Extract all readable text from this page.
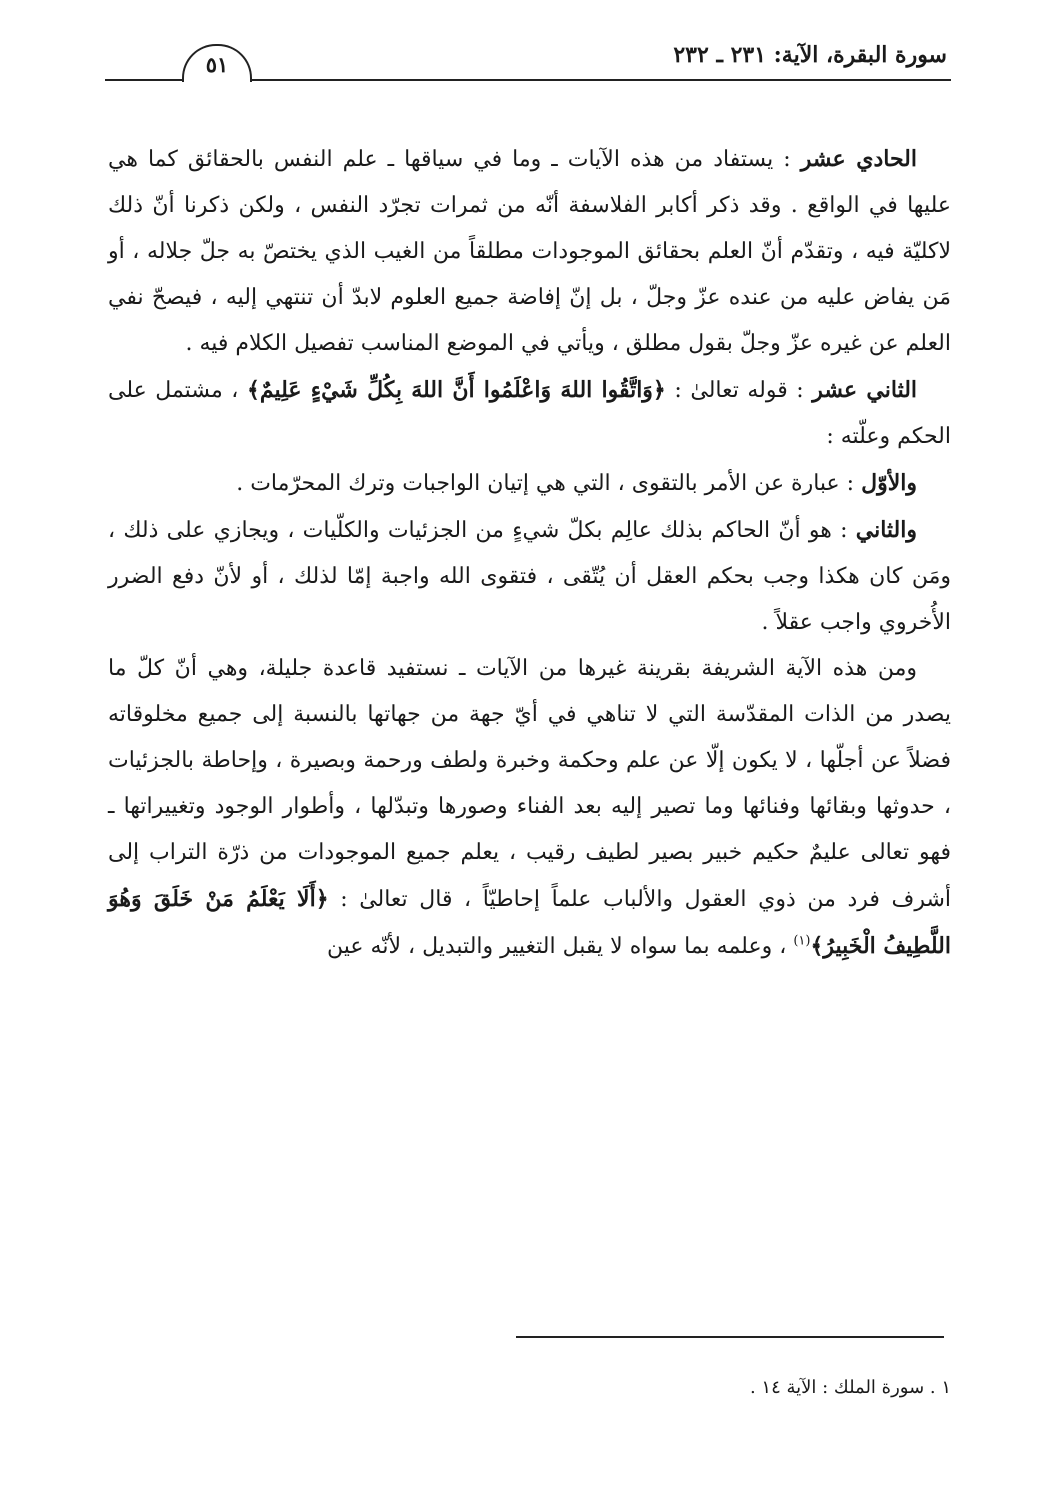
سورة البقرة، الآية: ٢٣١ ـ ٢٣٢
٥١

الحادي عشر : يستفاد من هذه الآيات ـ وما في سياقها ـ علم النفس بالحقائق كما هي عليها في الواقع . وقد ذكر أكابر الفلاسفة أنّه من ثمرات تجرّد النفس ، ولكن ذكرنا أنّ ذلك لاكليّة فيه ، وتقدّم أنّ العلم بحقائق الموجودات مطلقاً من الغيب الذي يختصّ به جلّ جلاله ، أو مَن يفاض عليه من عنده عزّ وجلّ ، بل إنّ إفاضة جميع العلوم لابدّ أن تنتهي إليه ، فيصحّ نفي العلم عن غيره عزّ وجلّ بقول مطلق ، ويأتي في الموضع المناسب تفصيل الكلام فيه .

الثاني عشر : قوله تعالىٰ : ﴿وَاتَّقُوا اللهَ وَاعْلَمُوا أَنَّ اللهَ بِكُلِّ شَيْءٍ عَلِيمٌ﴾ ، مشتمل على الحكم وعلّته :

والأوّل : عبارة عن الأمر بالتقوى ، التي هي إتيان الواجبات وترك المحرّمات .

والثاني : هو أنّ الحاكم بذلك عالِم بكلّ شيءٍ من الجزئيات والكلّيات ، ويجازي على ذلك ، ومَن كان هكذا وجب بحكم العقل أن يُتّقى ، فتقوى الله واجبة إمّا لذلك ، أو لأنّ دفع الضرر الأُخروي واجب عقلاً .

ومن هذه الآية الشريفة بقرينة غيرها من الآيات ـ نستفيد قاعدة جليلة، وهي أنّ كلّ ما يصدر من الذات المقدّسة التي لا تناهي في أيّ جهة من جهاتها بالنسبة إلى جميع مخلوقاته فضلاً عن أجلّها ، لا يكون إلّا عن علم وحكمة وخبرة ولطف ورحمة وبصيرة ، وإحاطة بالجزئيات ، حدوثها وبقائها وفنائها وما تصير إليه بعد الفناء وصورها وتبدّلها ، وأطوار الوجود وتغييراتها ـ فهو تعالى عليمٌ حكيم خبير بصير لطيف رقيب ، يعلم جميع الموجودات من ذرّة التراب إلى أشرف فرد من ذوي العقول والألباب علماً إحاطيّاً ، قال تعالىٰ : ﴿أَلَا يَعْلَمُ مَنْ خَلَقَ وَهُوَ اللَّطِيفُ الْخَبِيرُ﴾$^{(١)}$ ، وعلمه بما سواه لا يقبل التغيير والتبديل ، لأنّه عين

١ . سورة الملك : الآية ١٤ .
